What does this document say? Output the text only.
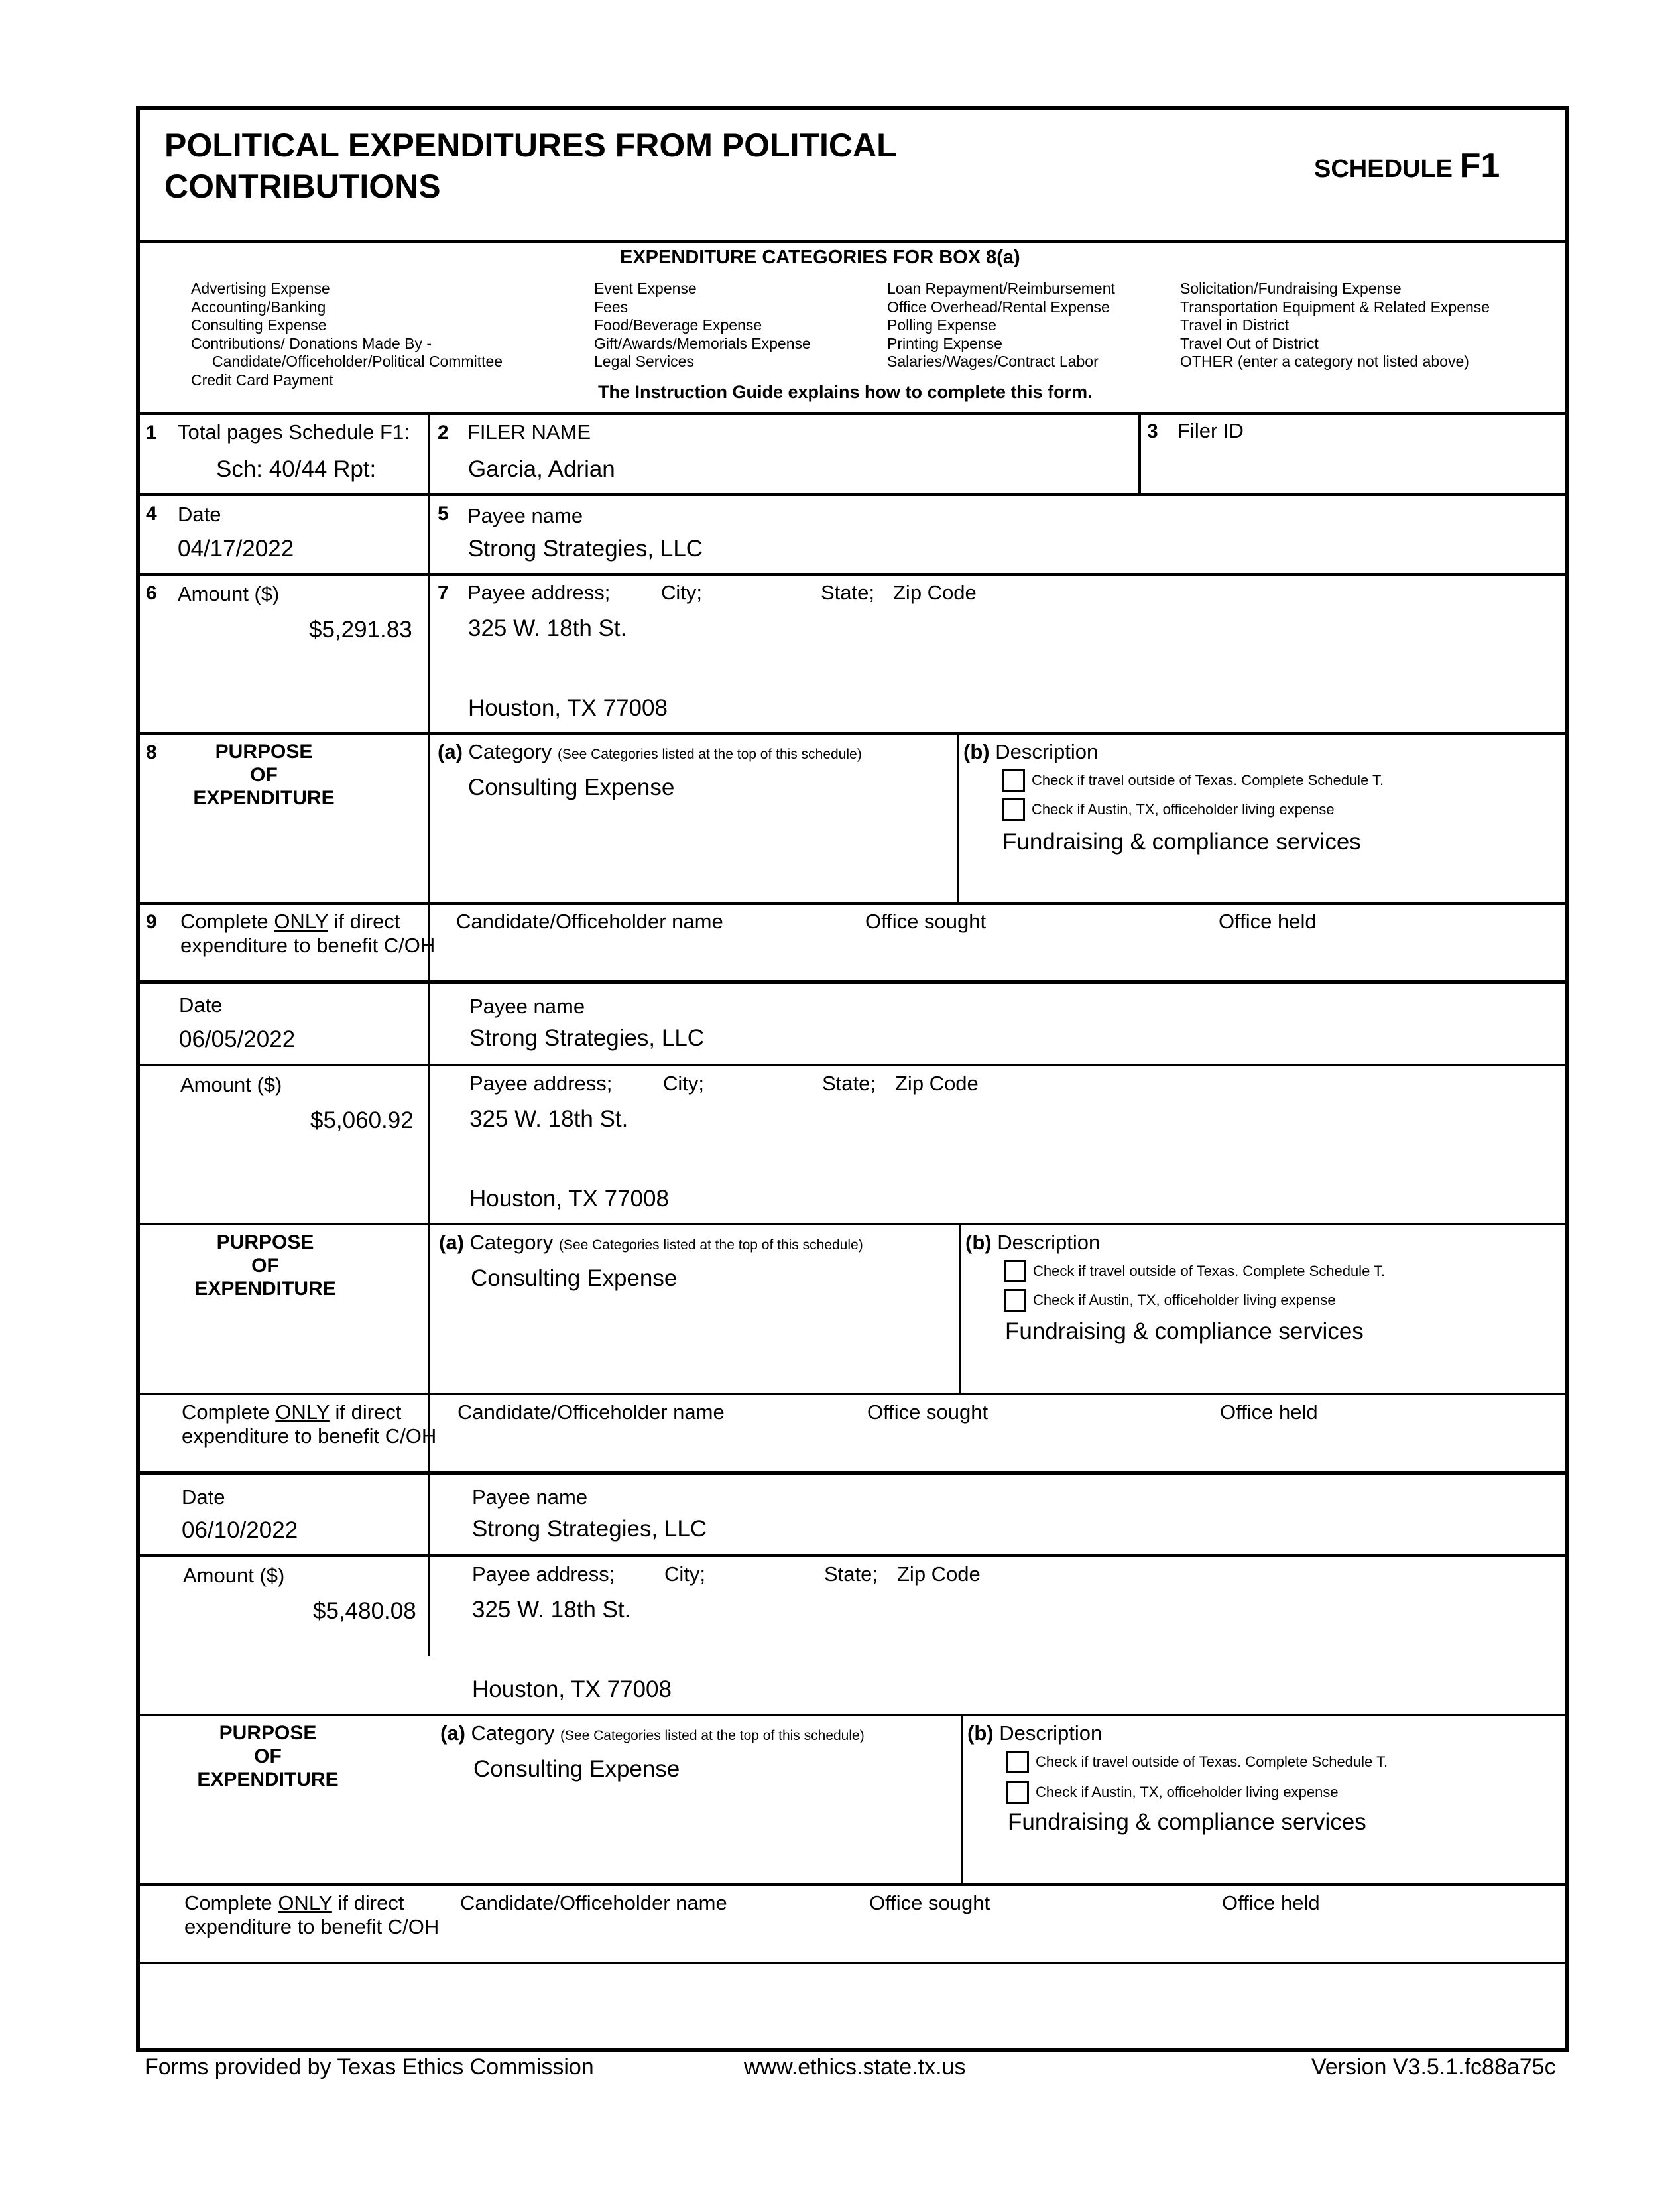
POLITICAL EXPENDITURES FROM POLITICAL
CONTRIBUTIONS	SCHEDULE F1
EXPENDITURE CATEGORIES FOR BOX 8(a)
Advertising Expense
Accounting/Banking
Consulting Expense
Contributions/ Donations Made By -
Candidate/Officeholder/Political Committee
Credit Card Payment
Event Expense
Fees
Food/Beverage Expense
Gift/Awards/Memorials Expense
Legal Services
Loan Repayment/Reimbursement
Office Overhead/Rental Expense
Polling Expense
Printing Expense
Salaries/Wages/Contract Labor
Solicitation/Fundraising Expense
Transportation Equipment & Related Expense
Travel in District
Travel Out of District
OTHER (enter a category not listed above)
The Instruction Guide explains how to complete this form.
1 Total pages Schedule F1:
Sch: 40/44 Rpt:
2 FILER NAME
Garcia, Adrian
3 Filer ID
4 Date
04/17/2022
5 Payee name
Strong Strategies, LLC
6 Amount ($)
$5,291.83
7 Payee address; City;	State; Zip Code
325 W. 18th St.
Houston, TX 77008
8	PURPOSE
OF
EXPENDITURE
(a) Category (See Categories listed at the top of this schedule)
Consulting Expense
(b) Description
Check if travel outside of Texas. Complete Schedule T.
Check if Austin, TX, officeholder living expense
Fundraising & compliance services
9 Complete ONLY if direct
expenditure to benefit C/OH
Candidate/Officeholder name	Office sought	Office held
Date
06/05/2022
Payee name
Strong Strategies, LLC
Amount ($)
$5,060.92
Payee address; City;	State; Zip Code
325 W. 18th St.
Houston, TX 77008
PURPOSE
OF
EXPENDITURE
(a) Category (See Categories listed at the top of this schedule)
Consulting Expense
(b) Description
Check if travel outside of Texas. Complete Schedule T.
Check if Austin, TX, officeholder living expense
Fundraising & compliance services
Complete ONLY if direct
expenditure to benefit C/OH
Candidate/Officeholder name	Office sought	Office held
Date
06/10/2022
Payee name
Strong Strategies, LLC
Amount ($)
$5,480.08
Payee address; City;	State; Zip Code
325 W. 18th St.
Houston, TX 77008
PURPOSE
OF
EXPENDITURE
(a) Category (See Categories listed at the top of this schedule)
Consulting Expense
(b) Description
Check if travel outside of Texas. Complete Schedule T.
Check if Austin, TX, officeholder living expense
Fundraising & compliance services
Complete ONLY if direct
expenditure to benefit C/OH
Candidate/Officeholder name	Office sought	Office held
Forms provided by Texas Ethics Commission	www.ethics.state.tx.us	Version V3.5.1.fc88a75c
